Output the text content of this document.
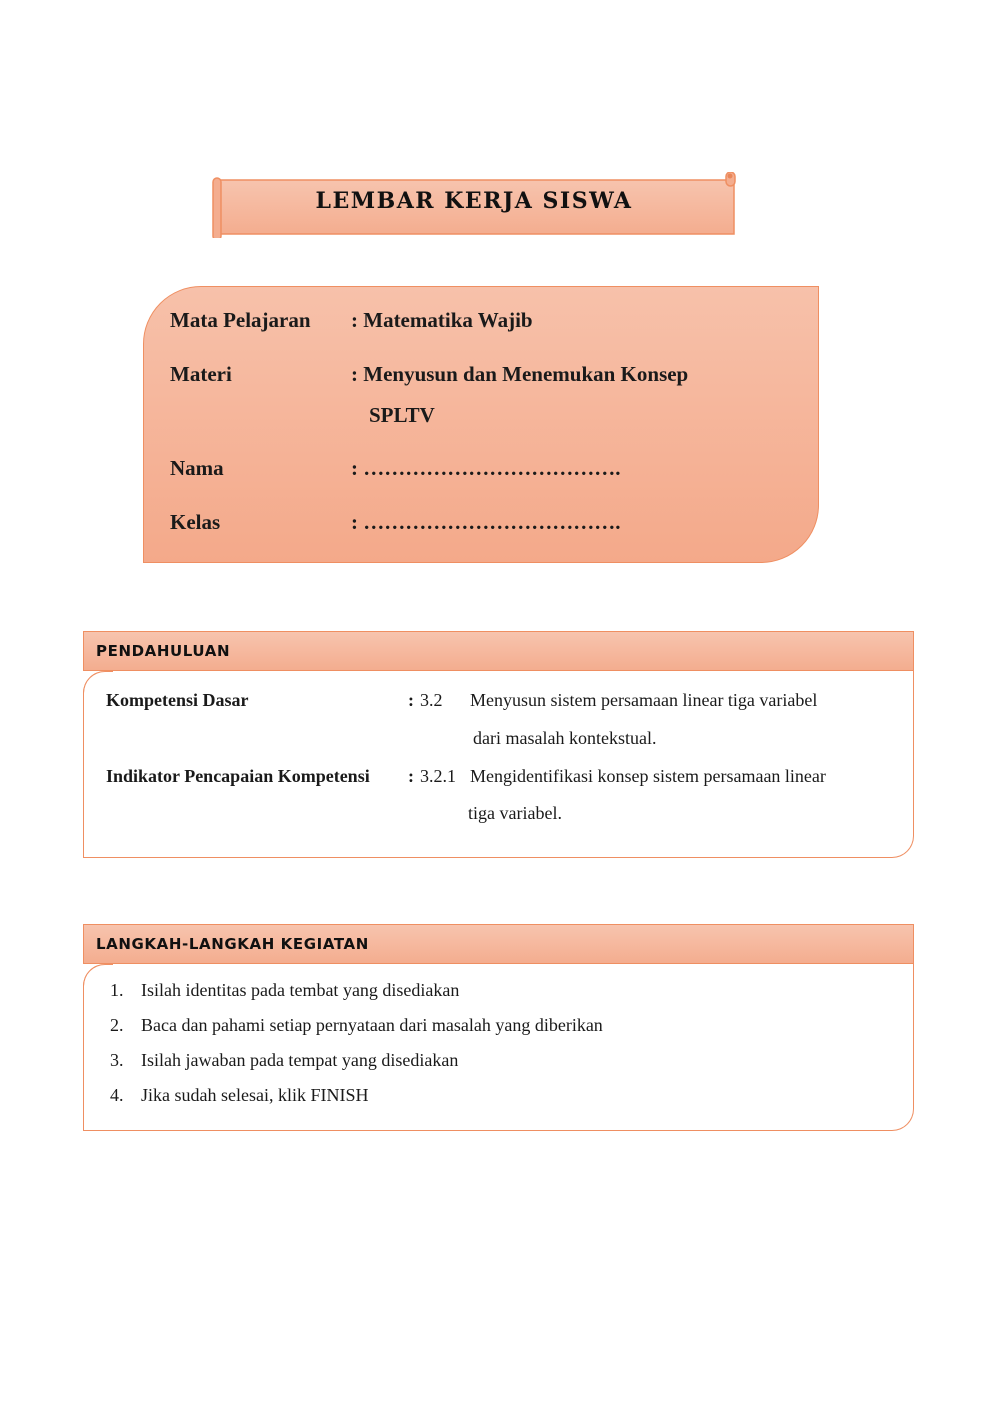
LEMBAR KERJA SISWA
Mata Pelajaran : Matematika Wajib
Materi	: Menyusun dan Menemukan Konsep
SPLTV
Nama	: ……………………………….
Kelas	: ……………………………….
PENDAHULUAN
Kompetensi Dasar	: 3.2 Menyusun sistem persamaan linear tiga variabel
dari masalah kontekstual.
Indikator Pencapaian Kompetensi : 3.2.1 Mengidentifikasi konsep sistem persamaan linear
tiga variabel.
LANGKAH-LANGKAH KEGIATAN
1. Isilah identitas pada tembat yang disediakan
2. Baca dan pahami setiap pernyataan dari masalah yang diberikan
3. Isilah jawaban pada tempat yang disediakan
4. Jika sudah selesai, klik FINISH
